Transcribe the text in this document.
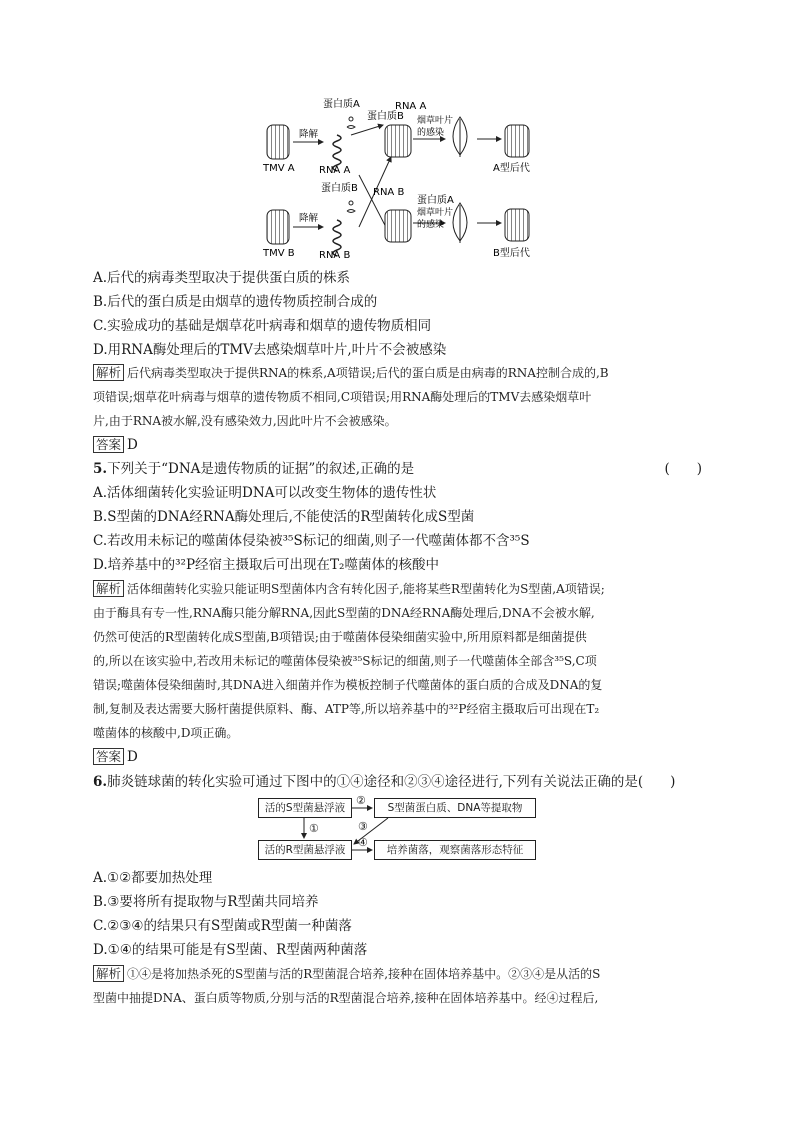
蛋白质A	RNA A
蛋白质B 烟草叶片
的感染
降解
TMV A RNA A	A型后代
蛋白质B RNA B
蛋白质A
烟草叶片
的感染
降解
TMV B RNA B	B型后代
A.后代的病毒类型取决于提供蛋白质的株系
B.后代的蛋白质是由烟草的遗传物质控制合成的
C.实验成功的基础是烟草花叶病毒和烟草的遗传物质相同
D.用RNA酶处理后的TMV去感染烟草叶片,叶片不会被感染
解析 后代病毒类型取决于提供RNA的株系,A项错误;后代的蛋白质是由病毒的RNA控制合成的,B
项错误;烟草花叶病毒与烟草的遗传物质不相同,C项错误;用RNA酶处理后的TMV去感染烟草叶
片,由于RNA被水解,没有感染效力,因此叶片不会被感染。
答案 D
5.下列关于“DNA是遗传物质的证据”的叙述,正确的是	(　　)
A.活体细菌转化实验证明DNA可以改变生物体的遗传性状
B.S型菌的DNA经RNA酶处理后,不能使活的R型菌转化成S型菌
C.若改用未标记的噬菌体侵染被³⁵S标记的细菌,则子一代噬菌体都不含³⁵S
D.培养基中的³²P经宿主摄取后可出现在T₂噬菌体的核酸中
解析 活体细菌转化实验只能证明S型菌体内含有转化因子,能将某些R型菌转化为S型菌,A项错误;
由于酶具有专一性,RNA酶只能分解RNA,因此S型菌的DNA经RNA酶处理后,DNA不会被水解,
仍然可使活的R型菌转化成S型菌,B项错误;由于噬菌体侵染细菌实验中,所用原料都是细菌提供
的,所以在该实验中,若改用未标记的噬菌体侵染被³⁵S标记的细菌,则子一代噬菌体全部含³⁵S,C项
错误;噬菌体侵染细菌时,其DNA进入细菌并作为模板控制子代噬菌体的蛋白质的合成及DNA的复
制,复制及表达需要大肠杆菌提供原料、酶、ATP等,所以培养基中的³²P经宿主摄取后可出现在T₂
噬菌体的核酸中,D项正确。
答案 D
6.肺炎链球菌的转化实验可通过下图中的①④途径和②③④途径进行,下列有关说法正确的是(　　)
活的S型菌悬浮液	S型菌蛋白质、DNA等提取物
活的R型菌悬浮液	培养菌落，观察菌落形态特征
②
①	③
④
A.①②都要加热处理
B.③要将所有提取物与R型菌共同培养
C.②③④的结果只有S型菌或R型菌一种菌落
D.①④的结果可能是有S型菌、R型菌两种菌落
解析 ①④是将加热杀死的S型菌与活的R型菌混合培养,接种在固体培养基中。②③④是从活的S
型菌中抽提DNA、蛋白质等物质,分别与活的R型菌混合培养,接种在固体培养基中。经④过程后,
